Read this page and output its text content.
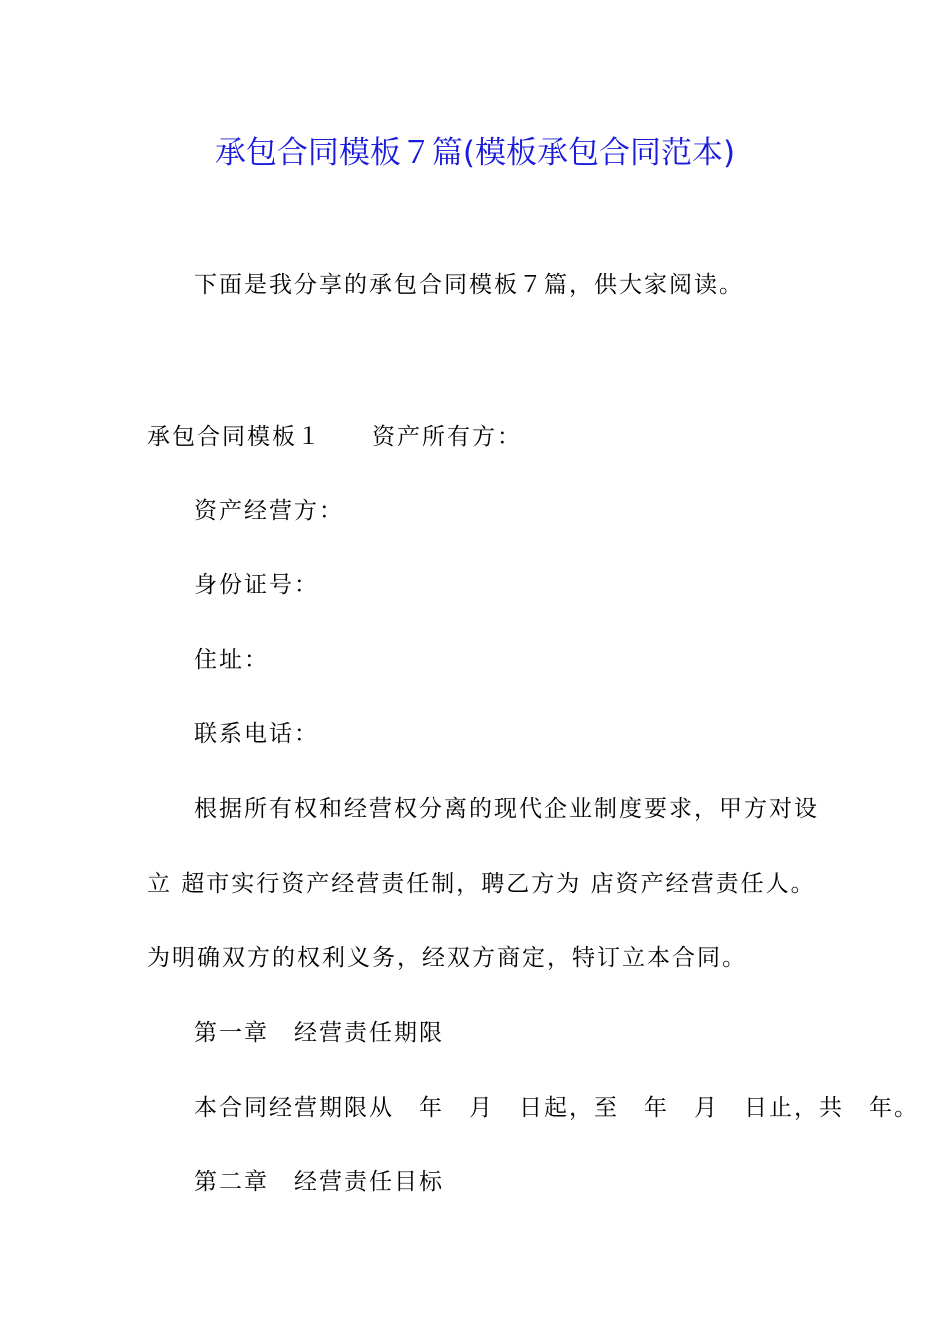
承包合同模板７篇(模板承包合同范本)
下面是我分享的承包合同模板７篇，供大家阅读。
承包合同模板１　　资产所有方：
资产经营方：
身份证号：
住址：
联系电话：
根据所有权和经营权分离的现代企业制度要求，甲方对设
立 超市实行资产经营责任制，聘乙方为 店资产经营责任人。
为明确双方的权利义务，经双方商定，特订立本合同。
第一章　经营责任期限
本合同经营期限从　年　月　日起，至　年　月　日止，共　年。
第二章　经营责任目标
